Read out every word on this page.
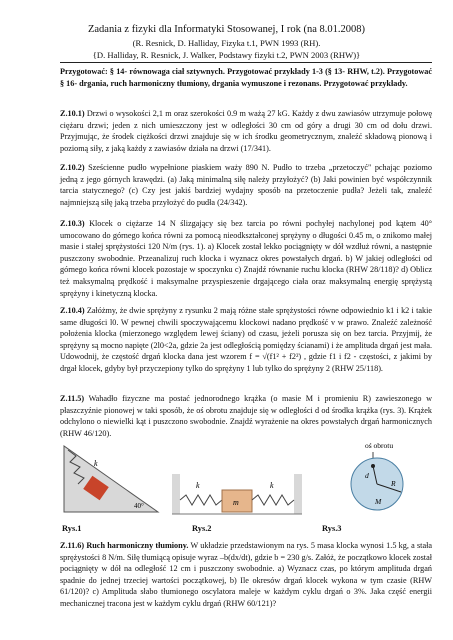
Zadania z fizyki dla Informatyki Stosowanej, I rok (na 8.01.2008)
(R. Resnick, D. Halliday, Fizyka t.1, PWN 1993 (RH).
{D. Halliday, R. Resnick, J. Walker, Podstawy fizyki t.2, PWN 2003 (RHW)}
Przygotować: § 14- równowaga ciał sztywnych. Przygotować przykłady 1-3 (§ 13- RHW, t.2). Przygotować § 16- drgania, ruch harmoniczny tłumiony, drgania wymuszone i rezonans. Przygotować przykłady.
Z.10.1) Drzwi o wysokości 2,1 m oraz szerokości 0.9 m ważą 27 kG. Każdy z dwu zawiasów utrzymuje połowę ciężaru drzwi; jeden z nich umieszczony jest w odległości 30 cm od góry a drugi 30 cm od dołu drzwi. Przyjmując, że środek ciężkości drzwi znajduje się w ich środku geometrycznym, znaleźć składową pionową i poziomą siły, z jaką każdy z zawiasów działa na drzwi (17/341).
Z.10.2) Sześcienne pudło wypełnione piaskiem waży 890 N. Pudło to trzeba „przetoczyć" pchając poziomo jedną z jego górnych krawędzi. (a) Jaką minimalną siłę należy przyłożyć? (b) Jaki powinien być współczynnik tarcia statycznego? (c) Czy jest jakiś bardziej wydajny sposób na przetoczenie pudła? Jeżeli tak, znaleźć najmniejszą siłę jaką trzeba przyłożyć do pudła (24/342).
Z.10.3) Klocek o ciężarze 14 N ślizgający się bez tarcia po równi pochyłej nachylonej pod kątem 40° umocowano do górnego końca równi za pomocą nieodkształconej sprężyny o długości 0.45 m, o znikomo małej masie i stałej sprężystości 120 N/m (rys. 1). a) Klocek został lekko pociągnięty w dół wzdłuż równi, a następnie puszczony swobodnie. Przeanalizuj ruch klocka i wyznacz okres powstałych drgań. b) W jakiej odległości od górnego końca równi klocek pozostaje w spoczynku c) Znajdź równanie ruchu klocka (RHW 28/118)? d) Oblicz też maksymalną prędkość i maksymalne przyspieszenie drgającego ciała oraz maksymalną energię sprężystą sprężyny i kinetyczną klocka.
Z.10.4) Załóżmy, że dwie sprężyny z rysunku 2 mają różne stałe sprężystości równe odpowiednio k1 i k2 i takie same długości l0. W pewnej chwili spoczywającemu klockowi nadano prędkość v w prawo. Znaleźć zależność położenia klocka (mierzonego względem lewej ściany) od czasu, jeżeli porusza się on bez tarcia. Przyjmij, że sprężyny są mocno napięte (2l0<2a, gdzie 2a jest odległością pomiędzy ścianami) i że amplituda drgań jest mała. Udowodnij, że częstość drgań klocka dana jest wzorem f = √(f1² + f2²) , gdzie f1 i f2 - częstości, z jakimi by drgał klocek, gdyby był przyczepiony tylko do sprężyny 1 lub tylko do sprężyny 2 (RHW 25/118).
Z.11.5) Wahadło fizyczne ma postać jednorodnego krążka (o masie M i promieniu R) zawieszonego w płaszczyźnie pionowej w taki sposób, że oś obrotu znajduje się w odległości d od środka krążka (rys. 3). Krążek odchylono o niewielki kąt i puszczono swobodnie. Znajdź wyrażenie na okres powstałych drgań harmonicznych (RHW 46/120).
k
40°
k
m
k
oś obrotu
d
R
M
Rys.1	Rys.2	Rys.3
Z.11.6) Ruch harmoniczny tłumiony. W układzie przedstawionym na rys. 5 masa klocka wynosi 1.5 kg, a stała sprężystości 8 N/m. Siłę tłumiącą opisuje wyraz –b(dx/dt), gdzie b = 230 g/s. Załóż, że początkowo klocek został pociągnięty w dół na odległość 12 cm i puszczony swobodnie. a) Wyznacz czas, po którym amplituda drgań spadnie do jednej trzeciej wartości początkowej, b) Ile okresów drgań klocek wykona w tym czasie (RHW 61/120)? c) Amplituda słabo tłumionego oscylatora maleje w każdym cyklu drgań o 3%. Jaka część energii mechanicznej tracona jest w każdym cyklu drgań (RHW 60/121)?
